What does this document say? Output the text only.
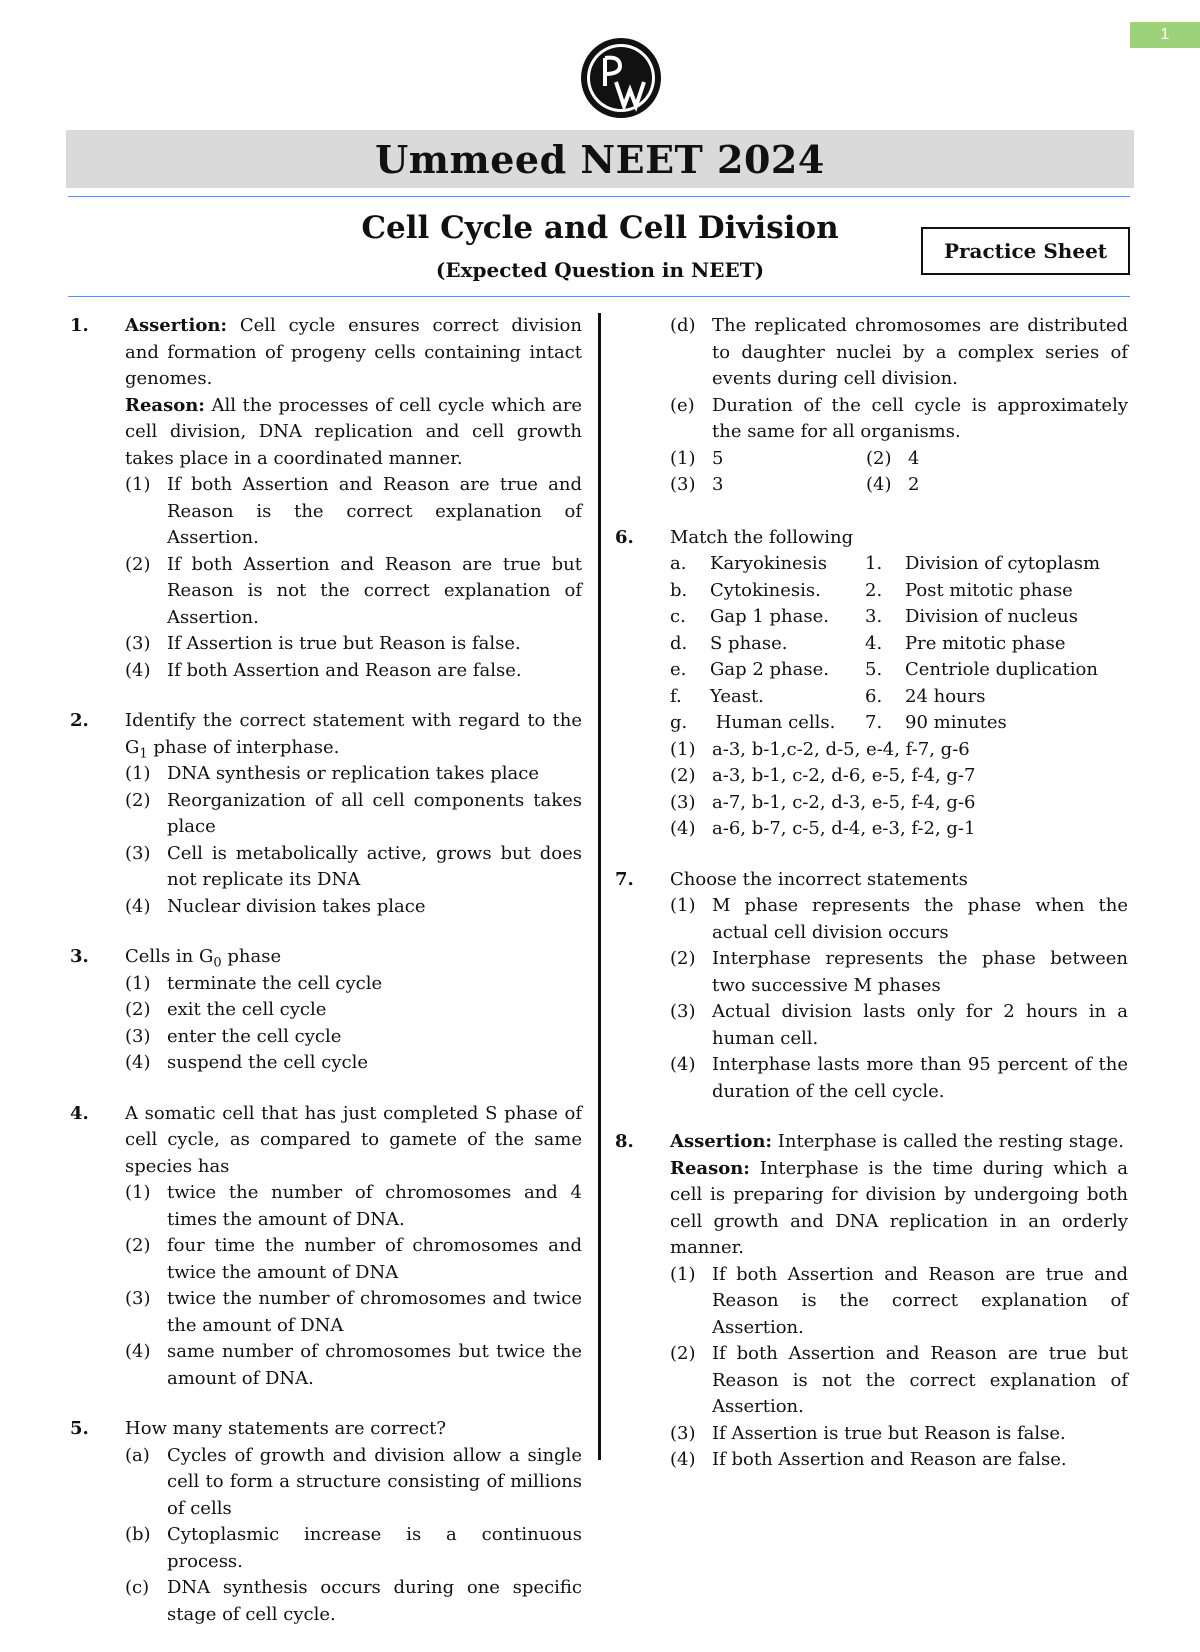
1
Ummeed NEET 2024
Cell Cycle and Cell Division
(Expected Question in NEET)
Practice Sheet
1.	Assertion: Cell cycle ensures correct division and formation of progeny cells containing intact genomes.
Reason: All the processes of cell cycle which are cell division, DNA replication and cell growth takes place in a coordinated manner.
(1) If both Assertion and Reason are true and Reason is the correct explanation of Assertion.
(2) If both Assertion and Reason are true but Reason is not the correct explanation of Assertion.
(3) If Assertion is true but Reason is false.
(4) If both Assertion and Reason are false.
2.	Identify the correct statement with regard to the $G_1$ phase of interphase.
(1) DNA synthesis or replication takes place
(2) Reorganization of all cell components takes place
(3) Cell is metabolically active, grows but does not replicate its DNA
(4) Nuclear division takes place
3.	Cells in $G_0$ phase
(1) terminate the cell cycle
(2) exit the cell cycle
(3) enter the cell cycle
(4) suspend the cell cycle
4.	A somatic cell that has just completed S phase of cell cycle, as compared to gamete of the same species has
(1) twice the number of chromosomes and 4 times the amount of DNA.
(2) four time the number of chromosomes and twice the amount of DNA
(3) twice the number of chromosomes and twice the amount of DNA
(4) same number of chromosomes but twice the amount of DNA.
5.	How many statements are correct?
(a) Cycles of growth and division allow a single cell to form a structure consisting of millions of cells
(b) Cytoplasmic increase is a continuous process.
(c) DNA synthesis occurs during one specific stage of cell cycle.
(d) The replicated chromosomes are distributed to daughter nuclei by a complex series of events during cell division.
(e) Duration of the cell cycle is approximately the same for all organisms.
(1) 5	(2) 4
(3) 3	(4) 2
6.	Match the following
a.	Karyokinesis	1.	Division of cytoplasm
b.	Cytokinesis.	2.	Post mitotic phase
c.	Gap 1 phase.	3.	Division of nucleus
d.	S phase.	4.	Pre mitotic phase
e.	Gap 2 phase.	5.	Centriole duplication
f.	Yeast.	6.	24 hours
g.	Human cells.	7.	90 minutes
(1) a-3, b-1,c-2, d-5, e-4, f-7, g-6
(2) a-3, b-1, c-2, d-6, e-5, f-4, g-7
(3) a-7, b-1, c-2, d-3, e-5, f-4, g-6
(4) a-6, b-7, c-5, d-4, e-3, f-2, g-1
7.	Choose the incorrect statements
(1) M phase represents the phase when the actual cell division occurs
(2) Interphase represents the phase between two successive M phases
(3) Actual division lasts only for 2 hours in a human cell.
(4) Interphase lasts more than 95 percent of the duration of the cell cycle.
8.	Assertion: Interphase is called the resting stage.
Reason: Interphase is the time during which a cell is preparing for division by undergoing both cell growth and DNA replication in an orderly manner.
(1) If both Assertion and Reason are true and Reason is the correct explanation of Assertion.
(2) If both Assertion and Reason are true but Reason is not the correct explanation of Assertion.
(3) If Assertion is true but Reason is false.
(4) If both Assertion and Reason are false.
